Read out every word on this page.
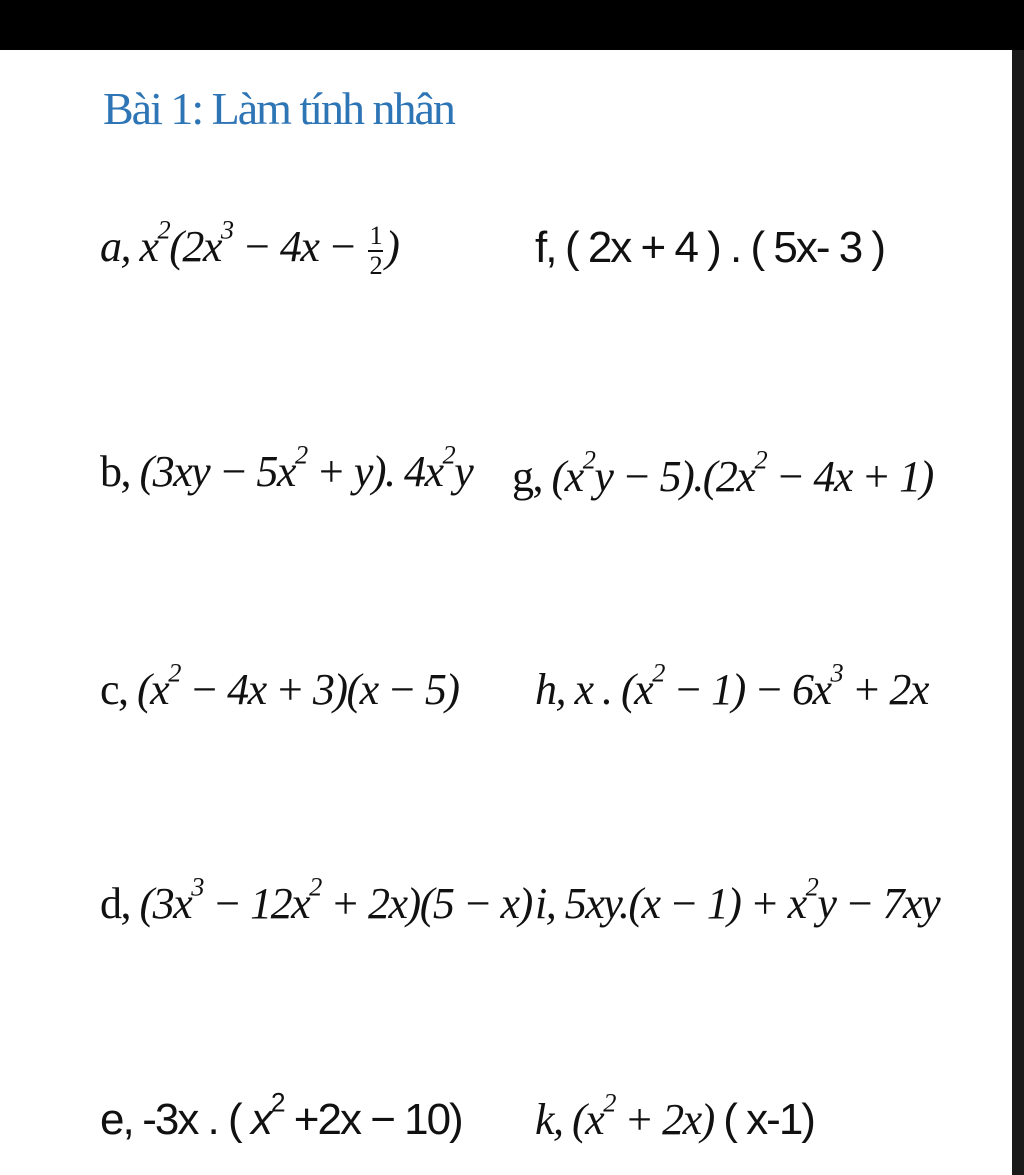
Bài 1: Làm tính nhân
a, $x^2(2x^3 - 4x - \frac{1}{2}$ )
b, $(3xy - 5x^2 + y)$. $4x^2y$
c, $(x^2 - 4x + 3)(x - 5)$
d, $(3x^3 - 12x^2 + 2x)(5 - x)$
e, -3x . ( $x^2 +2x - 10$)
f, ( 2x + 4 ) . ( 5x- 3 )
g, $(x^2y - 5).(2x^2 - 4x + 1)$
h, x . $(x^2 - 1) - 6x^3 + 2x$
i, $5xy.(x - 1) + x^2y - 7xy$
k, $(x^2 + 2x)$ ( x-1)
